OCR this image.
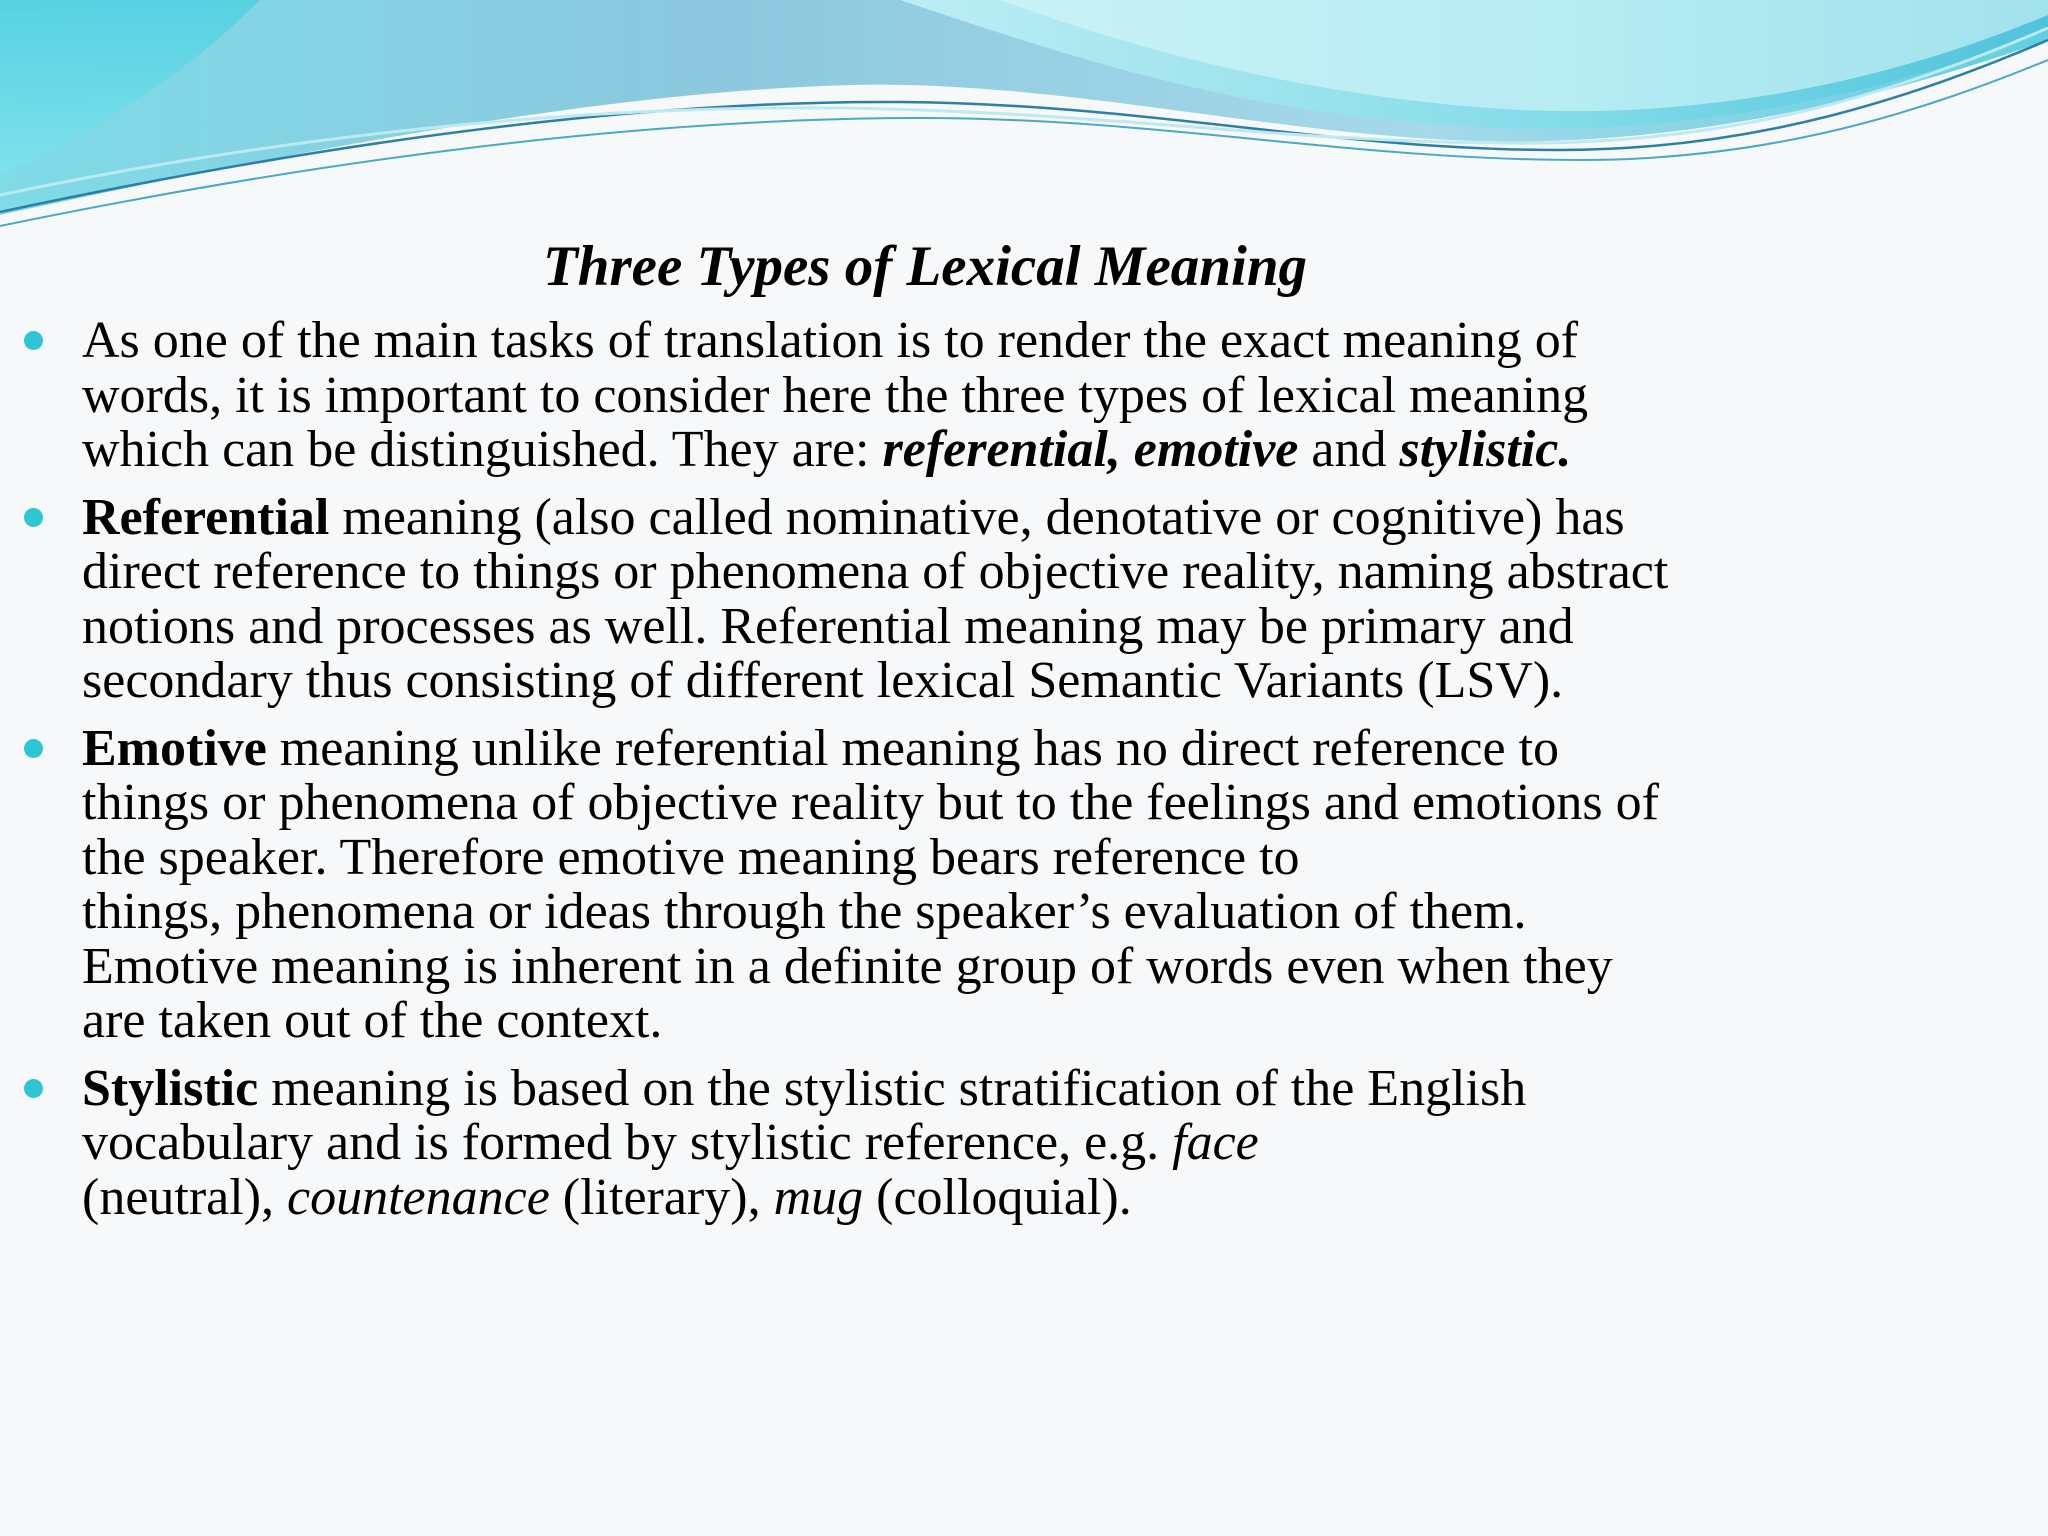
Three Types of Lexical Meaning
As one of the main tasks of translation is to render the exact meaning of
words, it is important to consider here the three types of lexical meaning
which can be distinguished. They are: referential, emotive and stylistic.
Referential meaning (also called nominative, denotative or cognitive) has
direct reference to things or phenomena of objective reality, naming abstract
notions and processes as well. Referential meaning may be primary and
secondary thus consisting of different lexical Semantic Variants (LSV).
Emotive meaning unlike referential meaning has no direct reference to
things or phenomena of objective reality but to the feelings and emotions of
the speaker. Therefore emotive meaning bears reference to
things, phenomena or ideas through the speaker’s evaluation of them.
Emotive meaning is inherent in a definite group of words even when they
are taken out of the context.
Stylistic meaning is based on the stylistic stratification of the English
vocabulary and is formed by stylistic reference, e.g. face
(neutral), countenance (literary), mug (colloquial).
